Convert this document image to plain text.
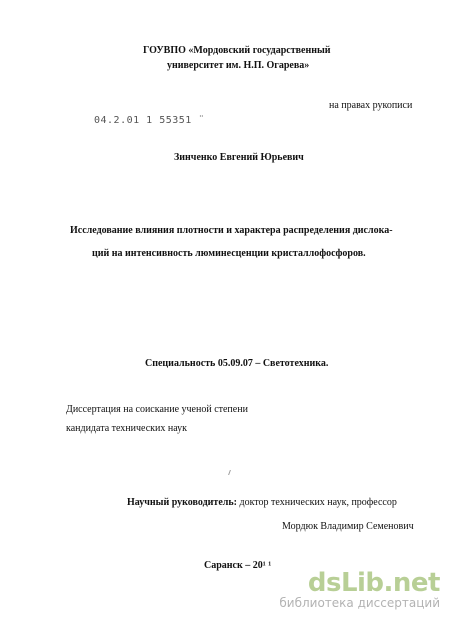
ГОУВПО «Мордовский государственный
университет им. Н.П. Огарева»
на правах рукописи
04.2.01 1 55351 ¨
Зинченко Евгений Юрьевич
Исследование влияния плотности и характера распределения дислока-
ций на интенсивность люминесценции кристаллофосфоров.
Специальность 05.09.07 – Светотехника.
Диссертация на соискание ученой степени
кандидата технических наук
Научный руководитель: доктор технических наук, профессор
Мордюк Владимир Семенович
Саранск – 20¹ ¹
dsLib.net
библиотека диссертаций
